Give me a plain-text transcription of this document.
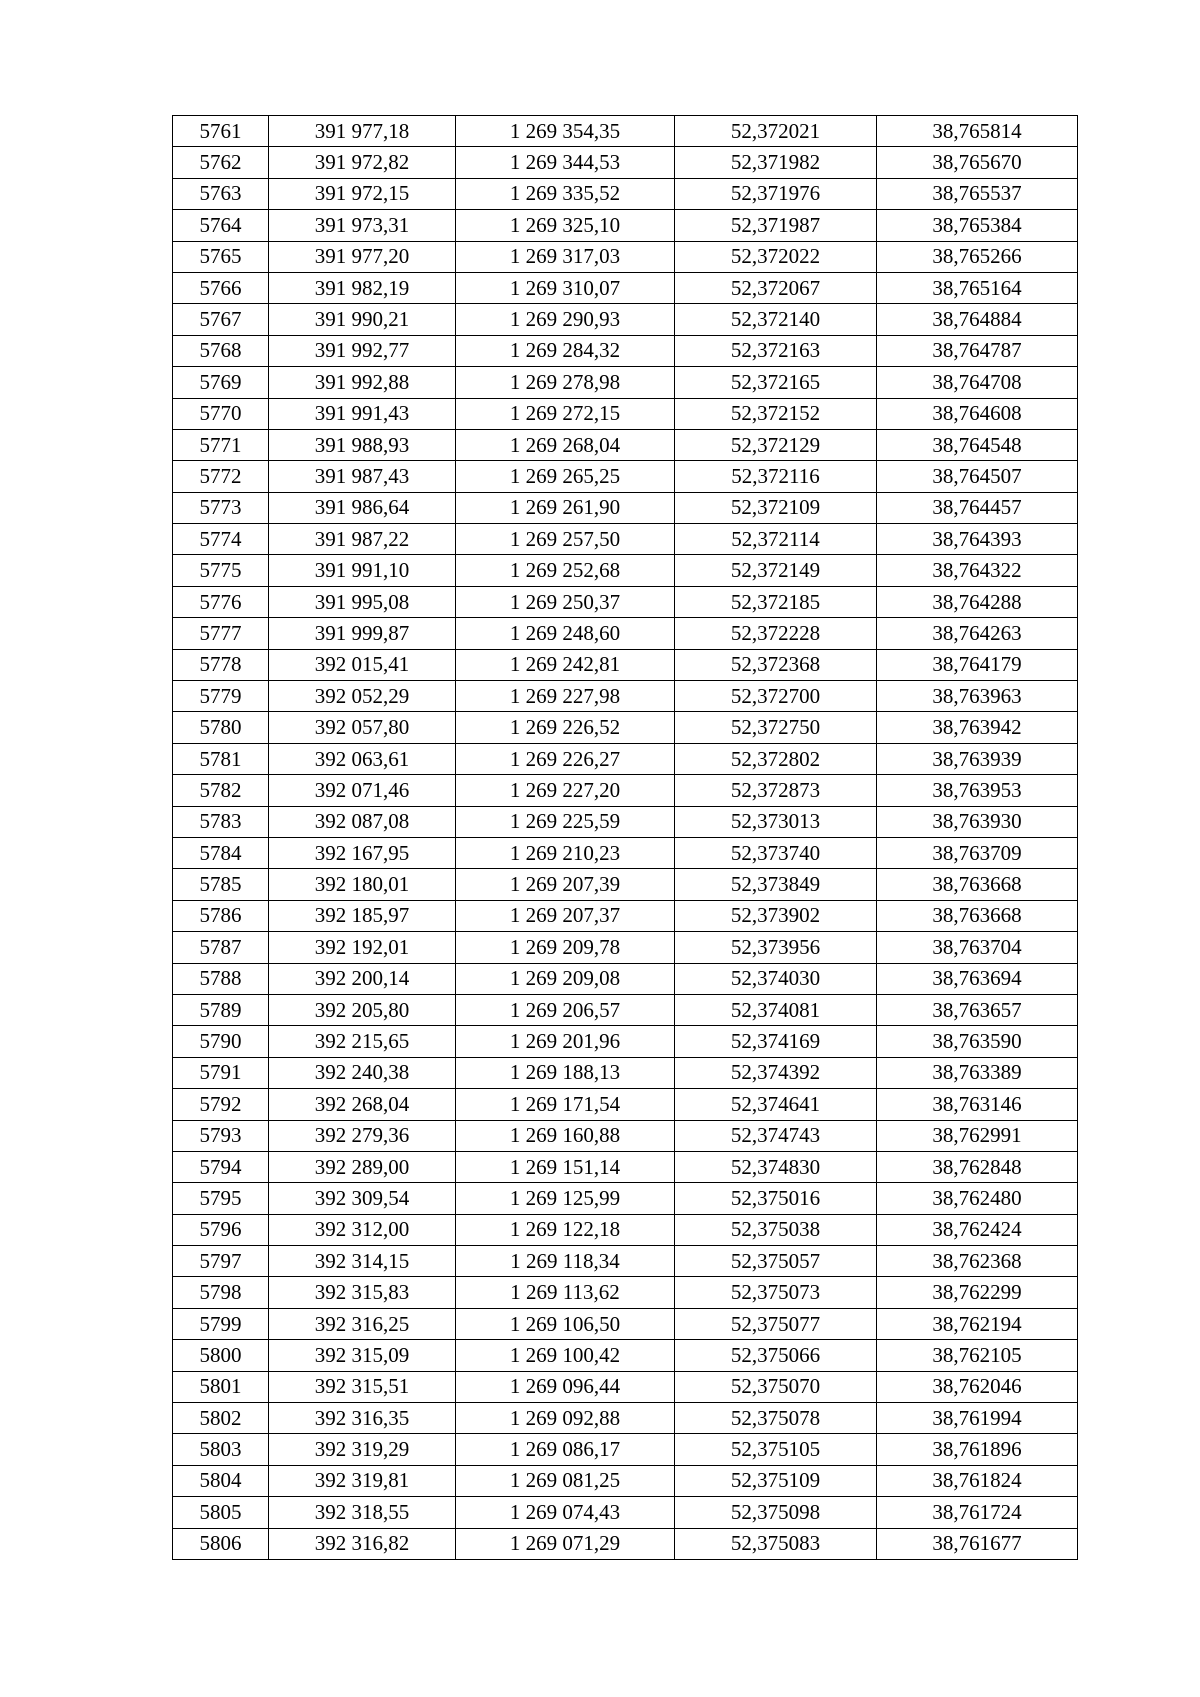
5761	391 977,18	1 269 354,35	52,372021	38,765814
5762	391 972,82	1 269 344,53	52,371982	38,765670
5763	391 972,15	1 269 335,52	52,371976	38,765537
5764	391 973,31	1 269 325,10	52,371987	38,765384
5765	391 977,20	1 269 317,03	52,372022	38,765266
5766	391 982,19	1 269 310,07	52,372067	38,765164
5767	391 990,21	1 269 290,93	52,372140	38,764884
5768	391 992,77	1 269 284,32	52,372163	38,764787
5769	391 992,88	1 269 278,98	52,372165	38,764708
5770	391 991,43	1 269 272,15	52,372152	38,764608
5771	391 988,93	1 269 268,04	52,372129	38,764548
5772	391 987,43	1 269 265,25	52,372116	38,764507
5773	391 986,64	1 269 261,90	52,372109	38,764457
5774	391 987,22	1 269 257,50	52,372114	38,764393
5775	391 991,10	1 269 252,68	52,372149	38,764322
5776	391 995,08	1 269 250,37	52,372185	38,764288
5777	391 999,87	1 269 248,60	52,372228	38,764263
5778	392 015,41	1 269 242,81	52,372368	38,764179
5779	392 052,29	1 269 227,98	52,372700	38,763963
5780	392 057,80	1 269 226,52	52,372750	38,763942
5781	392 063,61	1 269 226,27	52,372802	38,763939
5782	392 071,46	1 269 227,20	52,372873	38,763953
5783	392 087,08	1 269 225,59	52,373013	38,763930
5784	392 167,95	1 269 210,23	52,373740	38,763709
5785	392 180,01	1 269 207,39	52,373849	38,763668
5786	392 185,97	1 269 207,37	52,373902	38,763668
5787	392 192,01	1 269 209,78	52,373956	38,763704
5788	392 200,14	1 269 209,08	52,374030	38,763694
5789	392 205,80	1 269 206,57	52,374081	38,763657
5790	392 215,65	1 269 201,96	52,374169	38,763590
5791	392 240,38	1 269 188,13	52,374392	38,763389
5792	392 268,04	1 269 171,54	52,374641	38,763146
5793	392 279,36	1 269 160,88	52,374743	38,762991
5794	392 289,00	1 269 151,14	52,374830	38,762848
5795	392 309,54	1 269 125,99	52,375016	38,762480
5796	392 312,00	1 269 122,18	52,375038	38,762424
5797	392 314,15	1 269 118,34	52,375057	38,762368
5798	392 315,83	1 269 113,62	52,375073	38,762299
5799	392 316,25	1 269 106,50	52,375077	38,762194
5800	392 315,09	1 269 100,42	52,375066	38,762105
5801	392 315,51	1 269 096,44	52,375070	38,762046
5802	392 316,35	1 269 092,88	52,375078	38,761994
5803	392 319,29	1 269 086,17	52,375105	38,761896
5804	392 319,81	1 269 081,25	52,375109	38,761824
5805	392 318,55	1 269 074,43	52,375098	38,761724
5806	392 316,82	1 269 071,29	52,375083	38,761677
